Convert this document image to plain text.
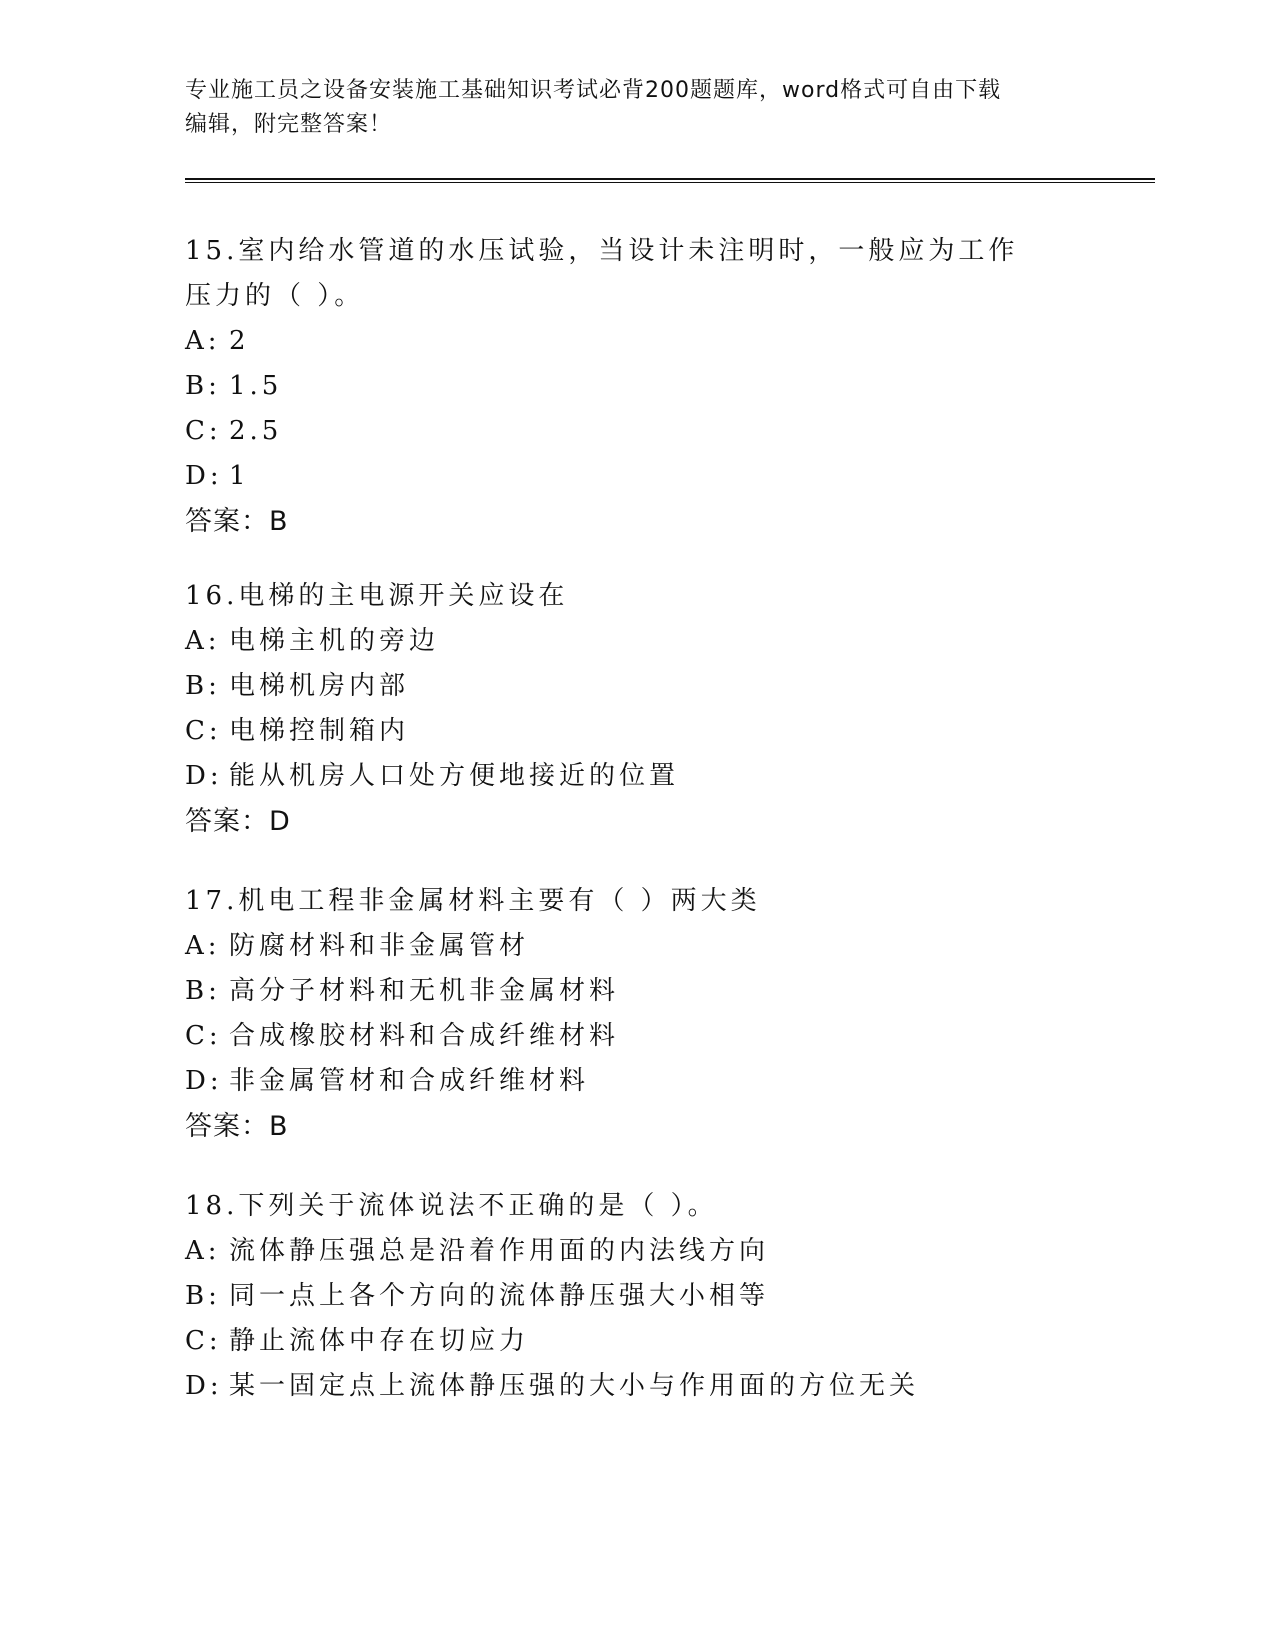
专业施工员之设备安装施工基础知识考试必背200题题库，word格式可自由下载
编辑，附完整答案！

15.室内给水管道的水压试验，当设计未注明时，一般应为工作压力的（ ）。

A: 2

B: 1.5

C: 2.5

D: 1

答案：B

16.电梯的主电源开关应设在

A: 电梯主机的旁边

B: 电梯机房内部

C: 电梯控制箱内

D: 能从机房人口处方便地接近的位置

答案：D

17.机电工程非金属材料主要有（ ）两大类

A: 防腐材料和非金属管材

B: 高分子材料和无机非金属材料

C: 合成橡胶材料和合成纤维材料

D: 非金属管材和合成纤维材料

答案：B

18.下列关于流体说法不正确的是（ ）。

A: 流体静压强总是沿着作用面的内法线方向

B: 同一点上各个方向的流体静压强大小相等

C: 静止流体中存在切应力

D: 某一固定点上流体静压强的大小与作用面的方位无关
